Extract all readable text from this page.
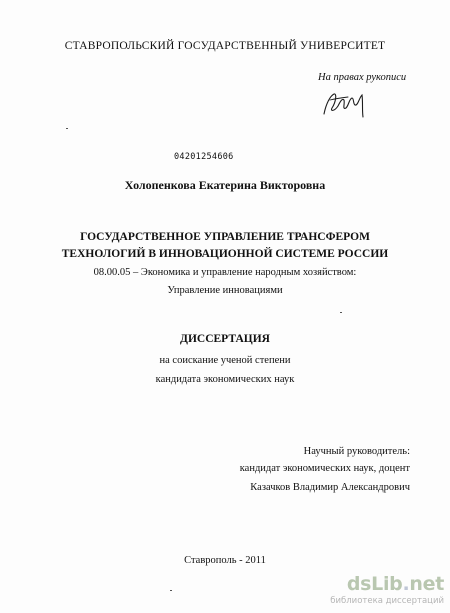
СТАВРОПОЛЬСКИЙ ГОСУДАРСТВЕННЫЙ УНИВЕРСИТЕТ
На правах рукописи
04201254606
Холопенкова Екатерина Викторовна
ГОСУДАРСТВЕННОЕ УПРАВЛЕНИЕ ТРАНСФЕРОМ
ТЕХНОЛОГИЙ В ИННОВАЦИОННОЙ СИСТЕМЕ РОССИИ
08.00.05 – Экономика и управление народным хозяйством:
Управление инновациями
ДИССЕРТАЦИЯ
на соискание ученой степени
кандидата экономических наук
Научный руководитель:
кандидат экономических наук, доцент
Казачков Владимир Александрович
Ставрополь - 2011
dsLib.net
библиотека диссертаций
